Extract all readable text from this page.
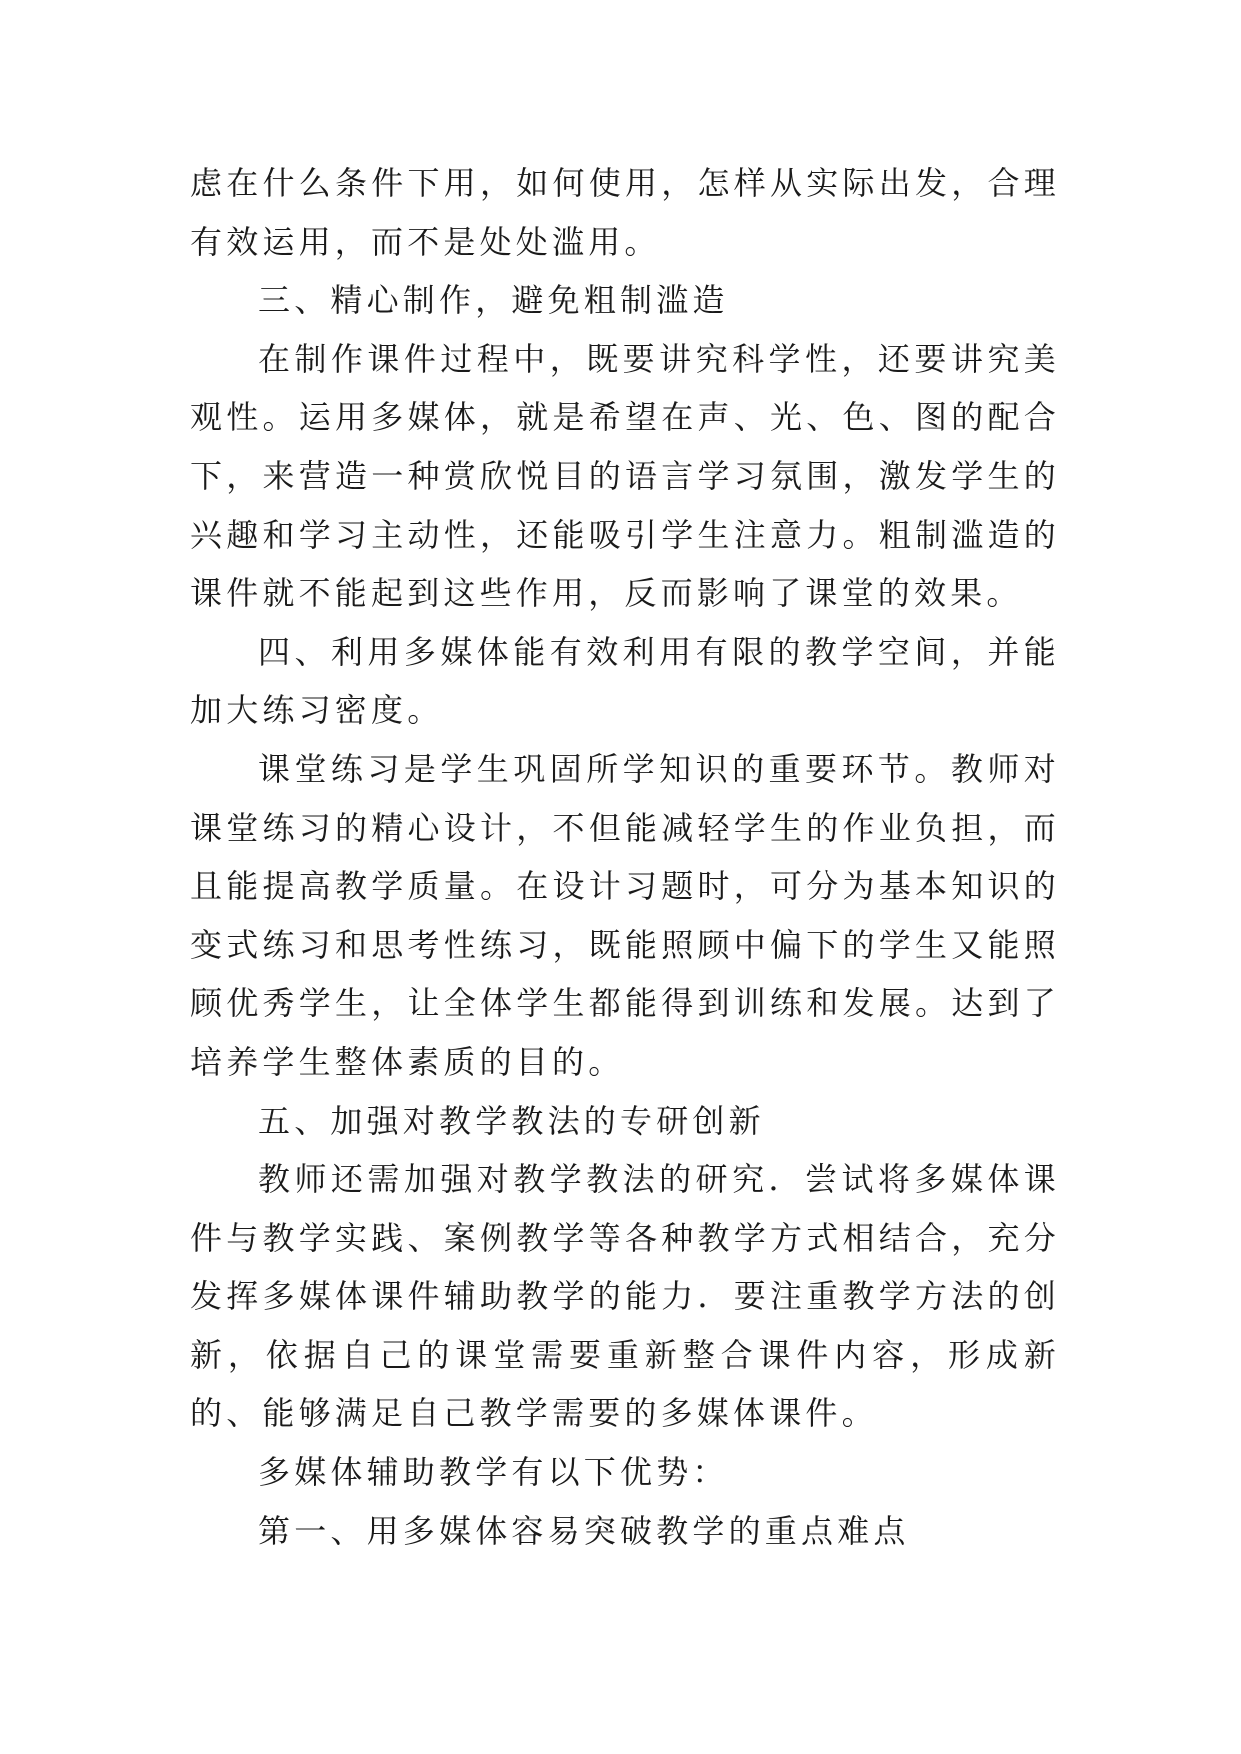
虑在什么条件下用，如何使用，怎样从实际出发，合理有效运用，而不是处处滥用。

三、精心制作，避免粗制滥造

在制作课件过程中，既要讲究科学性，还要讲究美观性。运用多媒体，就是希望在声、光、色、图的配合下，来营造一种赏欣悦目的语言学习氛围，激发学生的兴趣和学习主动性，还能吸引学生注意力。粗制滥造的课件就不能起到这些作用，反而影响了课堂的效果。

四、利用多媒体能有效利用有限的教学空间，并能加大练习密度。

课堂练习是学生巩固所学知识的重要环节。教师对课堂练习的精心设计，不但能减轻学生的作业负担，而且能提高教学质量。在设计习题时，可分为基本知识的变式练习和思考性练习，既能照顾中偏下的学生又能照顾优秀学生，让全体学生都能得到训练和发展。达到了培养学生整体素质的目的。

五、加强对教学教法的专研创新

教师还需加强对教学教法的研究．尝试将多媒体课件与教学实践、案例教学等各种教学方式相结合，充分发挥多媒体课件辅助教学的能力．要注重教学方法的创新，依据自己的课堂需要重新整合课件内容，形成新的、能够满足自己教学需要的多媒体课件。

多媒体辅助教学有以下优势：

第一、用多媒体容易突破教学的重点难点
